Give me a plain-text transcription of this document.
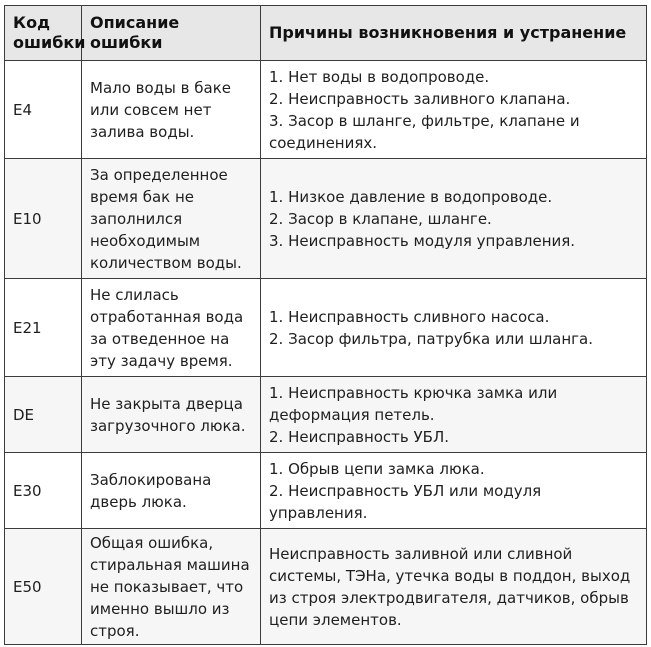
Код ошибки	Описание ошибки	Причины возникновения и устранение
E4	Мало воды в баке или совсем нет залива воды.	1. Нет воды в водопроводе.
2. Неисправность заливного клапана.
3. Засор в шланге, фильтре, клапане и соединениях.

E10	За определенное время бак не заполнился необходимым количеством воды.	1. Низкое давление в водопроводе.
2. Засор в клапане, шланге.
3. Неисправность модуля управления.

E21	Не слилась отработанная вода за отведенное на эту задачу время.	1. Неисправность сливного насоса.
2. Засор фильтра, патрубка или шланга.

DE	Не закрыта дверца загрузочного люка.	1. Неисправность крючка замка или деформация петель.
2. Неисправность УБЛ.

E30	Заблокирована дверь люка.	1. Обрыв цепи замка люка.
2. Неисправность УБЛ или модуля управления.

E50	Общая ошибка, стиральная машина не показывает, что именно вышло из строя.	Неисправность заливной или сливной системы, ТЭНа, утечка воды в поддон, выход из строя электродвигателя, датчиков, обрыв цепи элементов.
